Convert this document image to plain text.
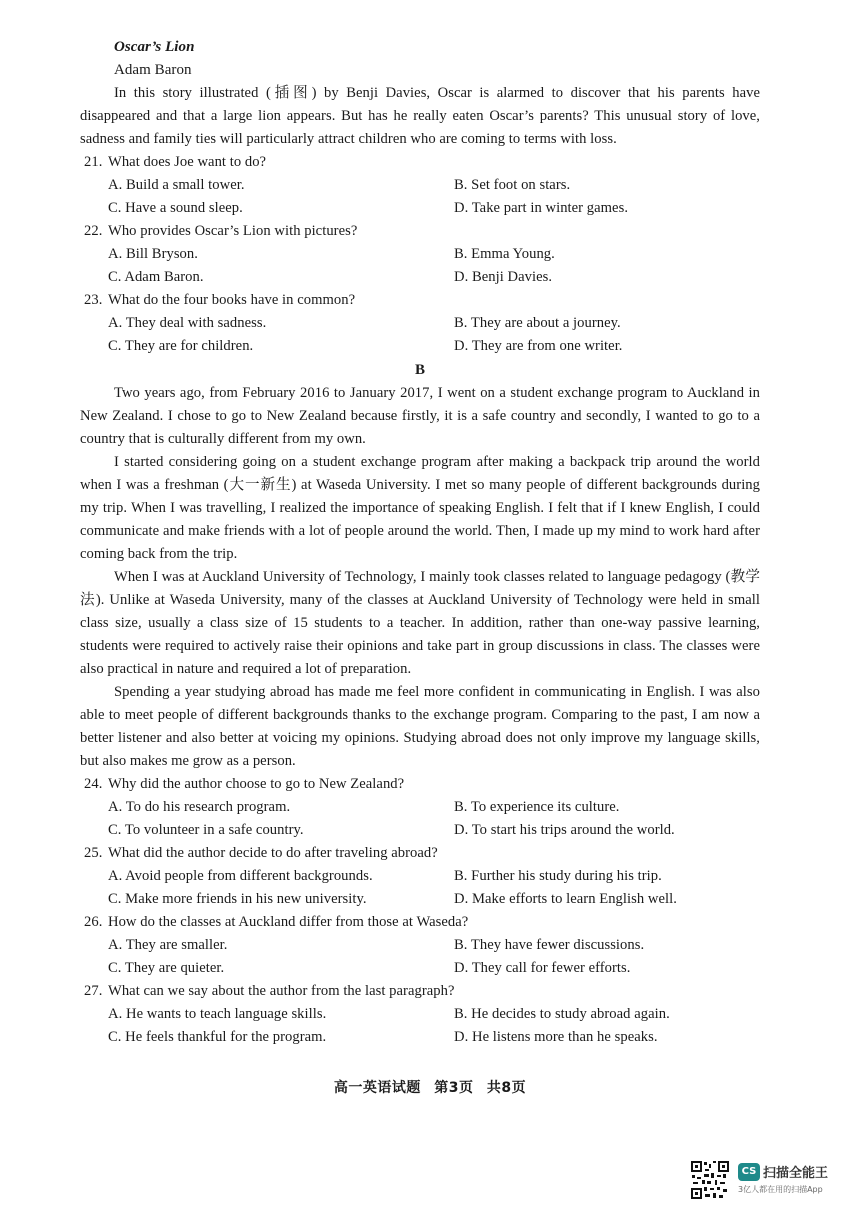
Oscar’s Lion
Adam Baron

In this story illustrated (插图) by Benji Davies, Oscar is alarmed to discover that his parents have disappeared and that a large lion appears. But has he really eaten Oscar’s parents? This unusual story of love, sadness and family ties will particularly attract children who are coming to terms with loss.

21. What does Joe want to do?
A. Build a small tower.	B. Set foot on stars.
C. Have a sound sleep.	D. Take part in winter games.
22. Who provides Oscar’s Lion with pictures?
A. Bill Bryson.	B. Emma Young.
C. Adam Baron.	D. Benji Davies.
23. What do the four books have in common?
A. They deal with sadness.	B. They are about a journey.
C. They are for children.	D. They are from one writer.
B

Two years ago, from February 2016 to January 2017, I went on a student exchange program to Auckland in New Zealand. I chose to go to New Zealand because firstly, it is a safe country and secondly, I wanted to go to a country that is culturally different from my own.

I started considering going on a student exchange program after making a backpack trip around the world when I was a freshman (大一新生) at Waseda University. I met so many people of different backgrounds during my trip. When I was travelling, I realized the importance of speaking English. I felt that if I knew English, I could communicate and make friends with a lot of people around the world. Then, I made up my mind to work hard after coming back from the trip.

When I was at Auckland University of Technology, I mainly took classes related to language pedagogy (教学法). Unlike at Waseda University, many of the classes at Auckland University of Technology were held in small class size, usually a class size of 15 students to a teacher. In addition, rather than one-way passive learning, students were required to actively raise their opinions and take part in group discussions in class. The classes were also practical in nature and required a lot of preparation.

Spending a year studying abroad has made me feel more confident in communicating in English. I was also able to meet people of different backgrounds thanks to the exchange program. Comparing to the past, I am now a better listener and also better at voicing my opinions. Studying abroad does not only improve my language skills, but also makes me grow as a person.

24. Why did the author choose to go to New Zealand?
A. To do his research program.	B. To experience its culture.
C. To volunteer in a safe country.	D. To start his trips around the world.
25. What did the author decide to do after traveling abroad?
A. Avoid people from different backgrounds.	B. Further his study during his trip.
C. Make more friends in his new university.	D. Make efforts to learn English well.
26. How do the classes at Auckland differ from those at Waseda?
A. They are smaller.	B. They have fewer discussions.
C. They are quieter.	D. They call for fewer efforts.
27. What can we say about the author from the last paragraph?
A. He wants to teach language skills.	B. He decides to study abroad again.
C. He feels thankful for the program.	D. He listens more than he speaks.
高一英语试题 第3页 共8页
CS 扫描全能王
3亿人都在用的扫描App
